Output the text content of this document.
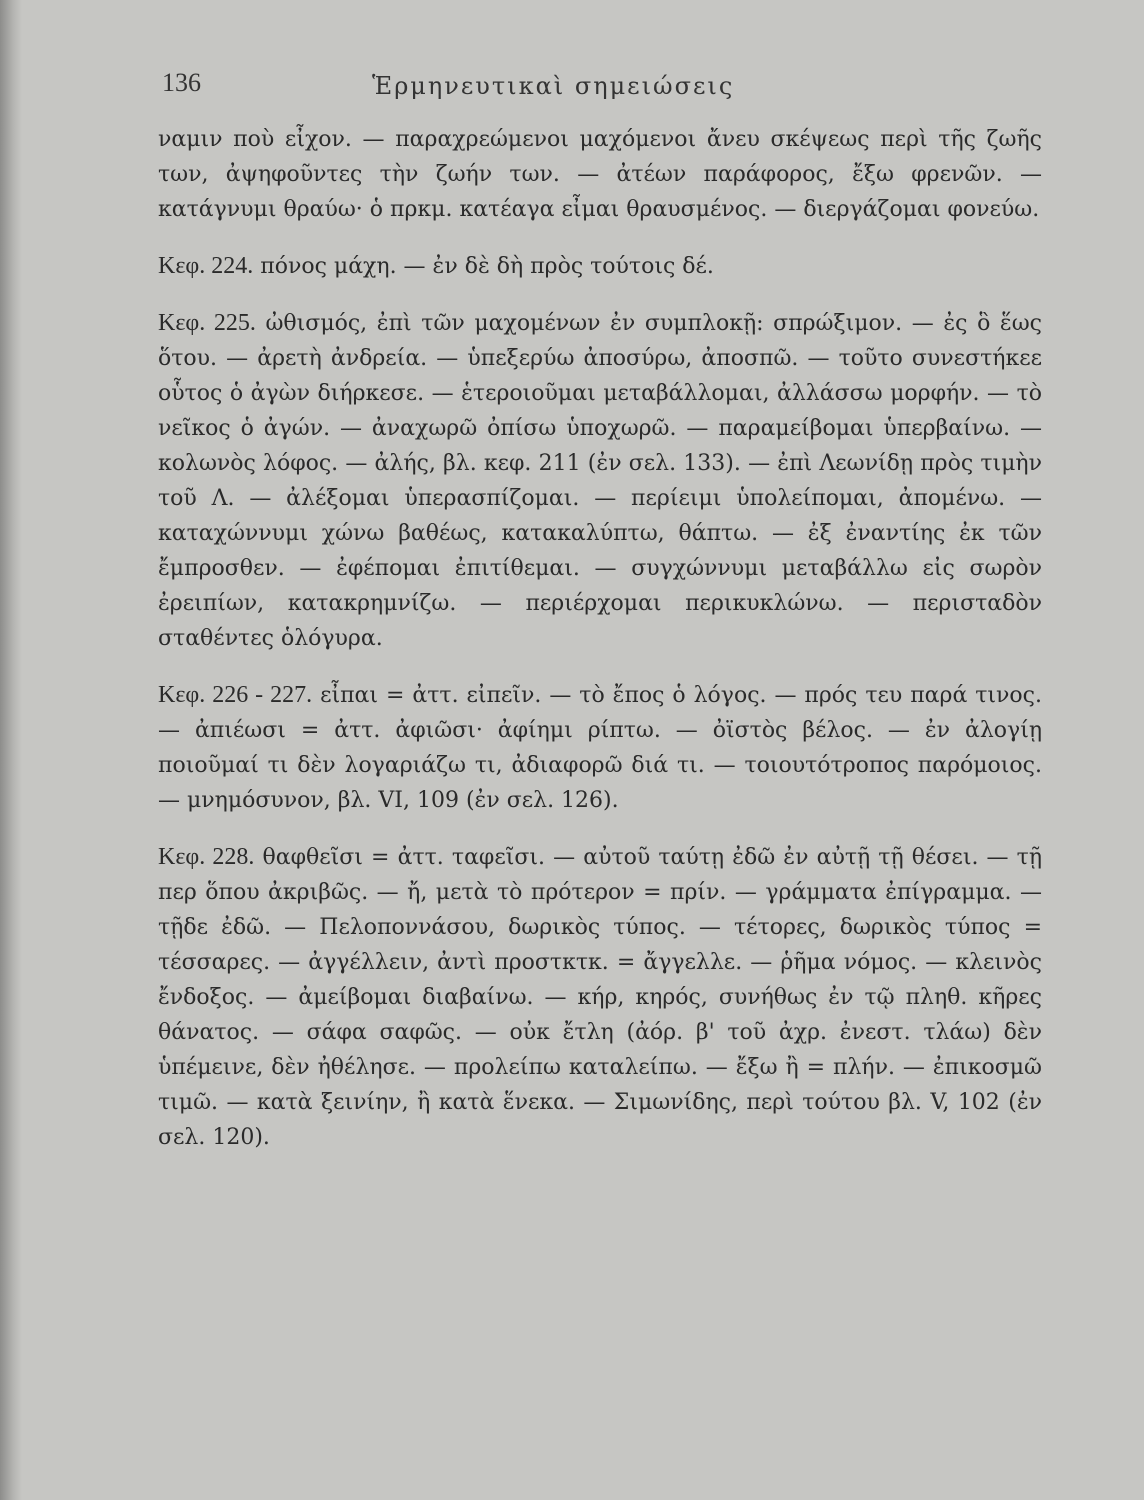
136	Ἑρμηνευτικαὶ σημειώσεις

ναμιν ποὺ εἶχον. — παραχρεώμενοι μαχόμενοι ἄνευ σκέψεως περὶ τῆς ζωῆς των, ἀψηφοῦντες τὴν ζωήν των. — ἀτέων παράφορος, ἔξω φρενῶν. — κατάγνυμι θραύω· ὁ πρκμ. κατέαγα εἶμαι θραυσμένος. — διεργάζομαι φονεύω.

Κεφ. 224. πόνος μάχη. — ἐν δὲ δὴ πρὸς τούτοις δέ.

Κεφ. 225. ὠθισμός, ἐπὶ τῶν μαχομένων ἐν συμπλοκῇ: σπρώξιμον. — ἐς ὃ ἕως ὅτου. — ἀρετὴ ἀνδρεία. — ὑπεξερύω ἀποσύρω, ἀποσπῶ. — τοῦτο συνεστήκεε οὗτος ὁ ἀγὼν διήρκεσε. — ἑτεροιοῦμαι μεταβάλλομαι, ἀλλάσσω μορφήν. — τὸ νεῖκος ὁ ἀγών. — ἀναχωρῶ ὀπίσω ὑποχωρῶ. — παραμείβομαι ὑπερβαίνω. — κολωνὸς λόφος. — ἀλής, βλ. κεφ. 211 (ἐν σελ. 133). — ἐπὶ Λεωνίδῃ πρὸς τιμὴν τοῦ Λ. — ἀλέξομαι ὑπερασπίζομαι. — περίειμι ὑπολείπομαι, ἀπομένω. — καταχώννυμι χώνω βαθέως, κατακαλύπτω, θάπτω. — ἐξ ἐναντίης ἐκ τῶν ἔμπροσθεν. — ἐφέπομαι ἐπιτίθεμαι. — συγχώννυμι μεταβάλλω εἰς σωρὸν ἐρειπίων, κατακρημνίζω. — περιέρχομαι περικυκλώνω. — περισταδὸν σταθέντες ὁλόγυρα.

Κεφ. 226 - 227. εἶπαι = ἀττ. εἰπεῖν. — τὸ ἔπος ὁ λόγος. — πρός τευ παρά τινος. — ἀπιέωσι = ἀττ. ἀφιῶσι· ἀφίημι ρίπτω. — ὀϊστὸς βέλος. — ἐν ἀλογίῃ ποιοῦμαί τι δὲν λογαριάζω τι, ἀδιαφορῶ διά τι. — τοιουτότροπος παρόμοιος. — μνημόσυνον, βλ. VI, 109 (ἐν σελ. 126).

Κεφ. 228. θαφθεῖσι = ἀττ. ταφεῖσι. — αὐτοῦ ταύτῃ ἐδῶ ἐν αὐτῇ τῇ θέσει. — τῇ περ ὅπου ἀκριβῶς. — ἤ, μετὰ τὸ πρότερον = πρίν. — γράμματα ἐπίγραμμα. — τῇδε ἐδῶ. — Πελοποννάσου, δωρικὸς τύπος. — τέτορες, δωρικὸς τύπος = τέσσαρες. — ἀγγέλλειν, ἀντὶ προστκτκ. = ἄγγελλε. — ῥῆμα νόμος. — κλεινὸς ἔνδοξος. — ἀμείβομαι διαβαίνω. — κήρ, κηρός, συνήθως ἐν τῷ πληθ. κῆρες θάνατος. — σάφα σαφῶς. — οὐκ ἔτλη (ἀόρ. β' τοῦ ἀχρ. ἐνεστ. τλάω) δὲν ὑπέμεινε, δὲν ἠθέλησε. — προλείπω καταλείπω. — ἔξω ἢ = πλήν. — ἐπικοσμῶ τιμῶ. — κατὰ ξεινίην, ἢ κατὰ ἕνεκα. — Σιμωνίδης, περὶ τούτου βλ. V, 102 (ἐν σελ. 120).
